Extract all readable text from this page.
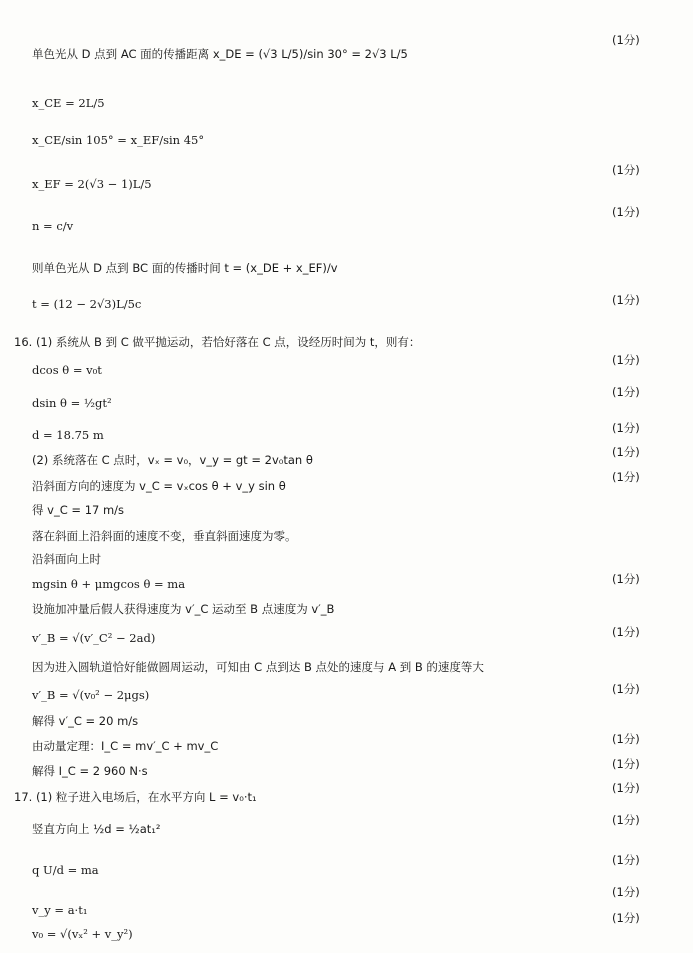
单色光从 D 点到 AC 面的传播距离 x_DE = (√3 L/5)/sin 30° = 2√3 L/5
x_CE = 2L/5
x_CE/sin 105° = x_EF/sin 45°
x_EF = 2(√3 − 1)L/5
n = c/v
则单色光从 D 点到 BC 面的传播时间 t = (x_DE + x_EF)/v
t = (12 − 2√3)L/5c
16. (1) 系统从 B 到 C 做平抛运动，若恰好落在 C 点，设经历时间为 t，则有：
dcos θ = v₀t
dsin θ = ½gt²
d = 18.75 m
(2) 系统落在 C 点时，vₓ = v₀，v_y = gt = 2v₀tan θ
沿斜面方向的速度为 v_C = vₓcos θ + v_y sin θ
得 v_C = 17 m/s
落在斜面上沿斜面的速度不变，垂直斜面速度为零。
沿斜面向上时
mgsin θ + μmgcos θ = ma
设施加冲量后假人获得速度为 v′_C 运动至 B 点速度为 v′_B
v′_B = √(v′_C² − 2ad)
因为进入圆轨道恰好能做圆周运动，可知由 C 点到达 B 点处的速度与 A 到 B 的速度等大
v′_B = √(v₀² − 2μgs)
解得 v′_C = 20 m/s
由动量定理：I_C = mv′_C + mv_C
解得 I_C = 2 960 N·s
17. (1) 粒子进入电场后，在水平方向 L = v₀·t₁
竖直方向上 ½d = ½at₁²
q U/d = ma
v_y = a·t₁
v₀ = √(vₓ² + v_y²)
(1分)
(1分)
(1分)
(1分)
(1分)
(1分)
(1分)
(1分)
(1分)
(1分)
(1分)
(1分)
(1分)
(1分)
(1分)
(1分)
(1分)
(1分)
(1分)
